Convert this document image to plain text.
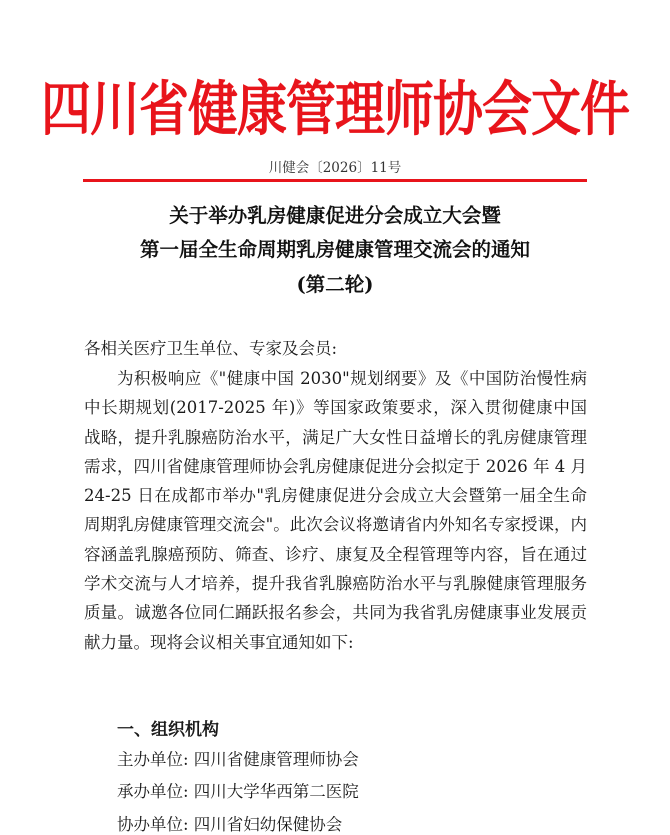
四川省健康管理师协会文件
川健会〔2026〕11号
关于举办乳房健康促进分会成立大会暨
第一届全生命周期乳房健康管理交流会的通知
(第二轮)
各相关医疗卫生单位、专家及会员:
为积极响应《"健康中国 2030"规划纲要》及《中国防治慢性病中长期规划(2017-2025 年)》等国家政策要求，深入贯彻健康中国战略，提升乳腺癌防治水平，满足广大女性日益增长的乳房健康管理需求，四川省健康管理师协会乳房健康促进分会拟定于 2026 年 4 月 24-25 日在成都市举办"乳房健康促进分会成立大会暨第一届全生命周期乳房健康管理交流会"。此次会议将邀请省内外知名专家授课，内容涵盖乳腺癌预防、筛查、诊疗、康复及全程管理等内容，旨在通过学术交流与人才培养，提升我省乳腺癌防治水平与乳腺健康管理服务质量。诚邀各位同仁踊跃报名参会，共同为我省乳房健康事业发展贡献力量。现将会议相关事宜通知如下:
一、组织机构
主办单位: 四川省健康管理师协会
承办单位: 四川大学华西第二医院
协办单位: 四川省妇幼保健协会
